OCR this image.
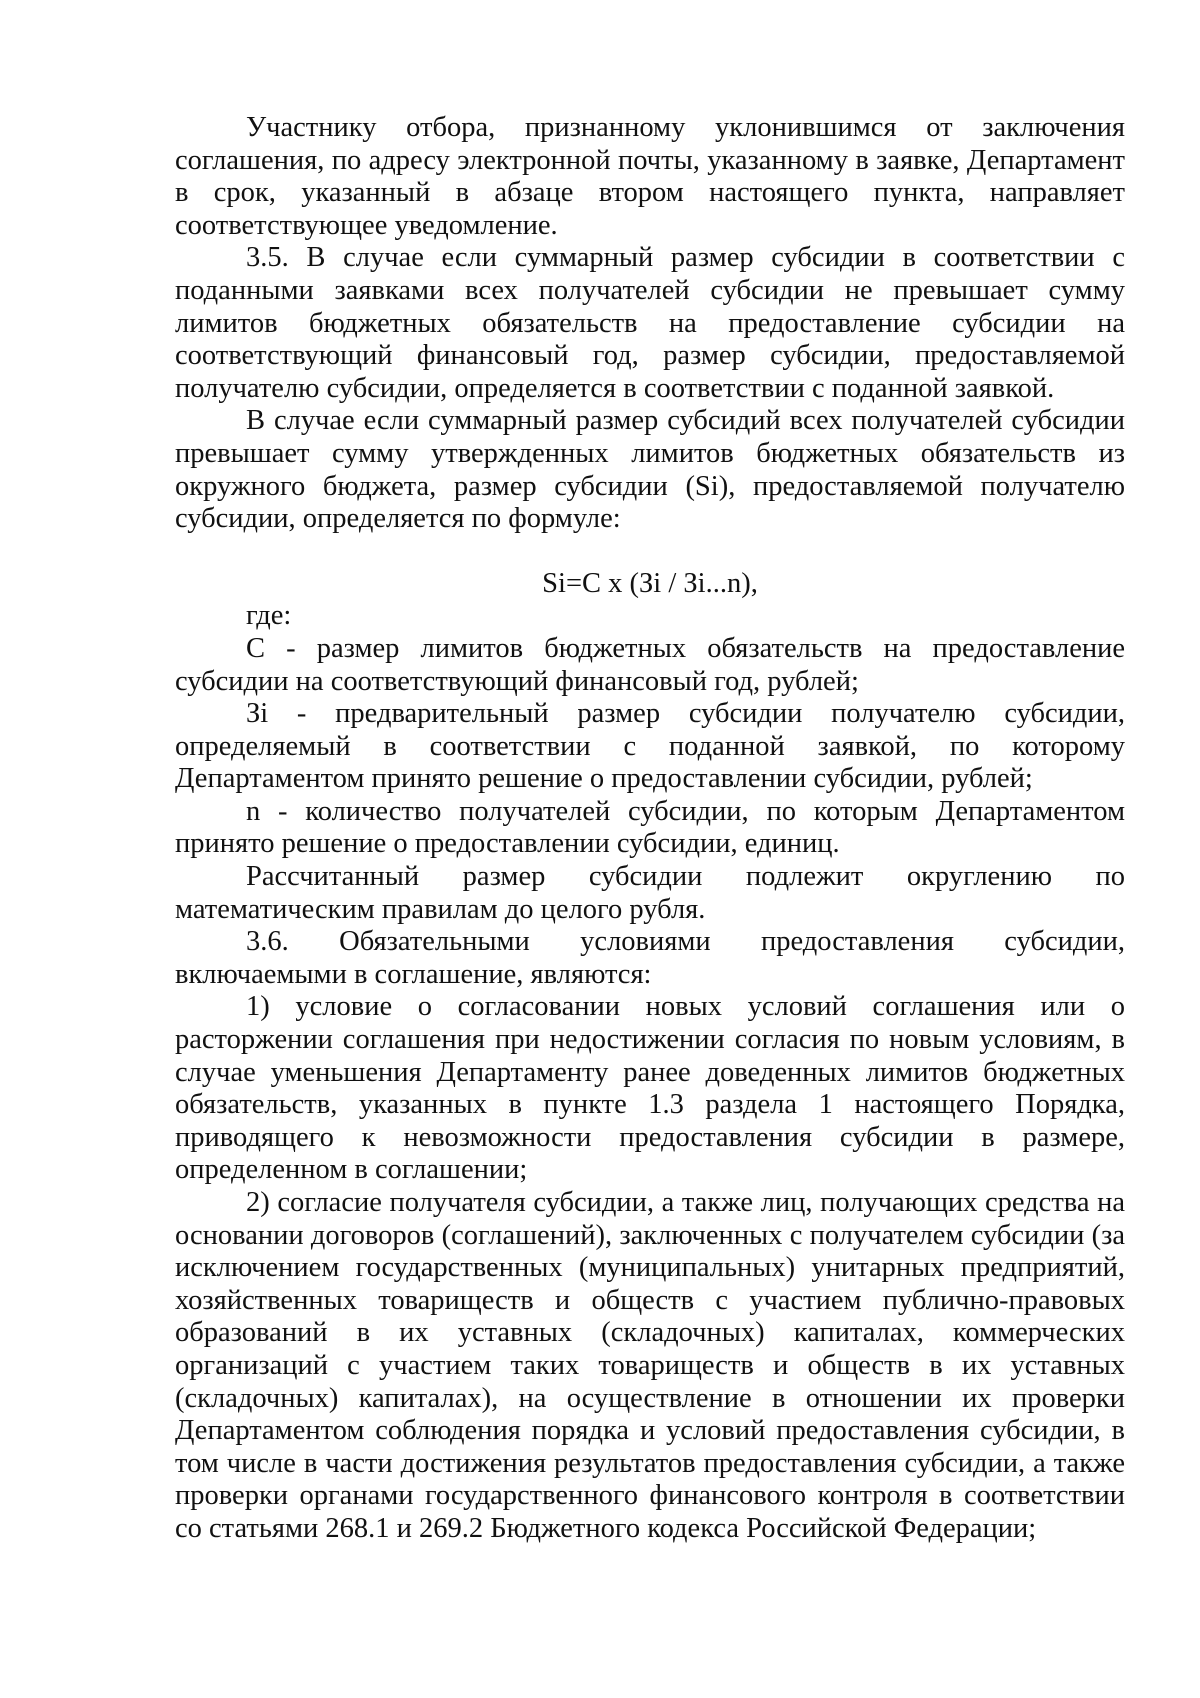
Участнику отбора, признанному уклонившимся от заключения соглашения, по адресу электронной почты, указанному в заявке, Департамент в срок, указанный в абзаце втором настоящего пункта, направляет соответствующее уведомление.

3.5. В случае если суммарный размер субсидии в соответствии с поданными заявками всех получателей субсидии не превышает сумму лимитов бюджетных обязательств на предоставление субсидии на соответствующий финансовый год, размер субсидии, предоставляемой получателю субсидии, определяется в соответствии с поданной заявкой.

В случае если суммарный размер субсидий всех получателей субсидии превышает сумму утвержденных лимитов бюджетных обязательств из окружного бюджета, размер субсидии (Si), предоставляемой получателю субсидии, определяется по формуле:

Si=C x (Зi / Зi...n),

где:

C - размер лимитов бюджетных обязательств на предоставление субсидии на соответствующий финансовый год, рублей;

Зi - предварительный размер субсидии получателю субсидии, определяемый в соответствии с поданной заявкой, по которому Департаментом принято решение о предоставлении субсидии, рублей;

n - количество получателей субсидии, по которым Департаментом принято решение о предоставлении субсидии, единиц.

Рассчитанный размер субсидии подлежит округлению по математическим правилам до целого рубля.

3.6. Обязательными условиями предоставления субсидии, включаемыми в соглашение, являются:

1) условие о согласовании новых условий соглашения или о расторжении соглашения при недостижении согласия по новым условиям, в случае уменьшения Департаменту ранее доведенных лимитов бюджетных обязательств, указанных в пункте 1.3 раздела 1 настоящего Порядка, приводящего к невозможности предоставления субсидии в размере, определенном в соглашении;

2) согласие получателя субсидии, а также лиц, получающих средства на основании договоров (соглашений), заключенных с получателем субсидии (за исключением государственных (муниципальных) унитарных предприятий, хозяйственных товариществ и обществ с участием публично-правовых образований в их уставных (складочных) капиталах, коммерческих организаций с участием таких товариществ и обществ в их уставных (складочных) капиталах), на осуществление в отношении их проверки Департаментом соблюдения порядка и условий предоставления субсидии, в том числе в части достижения результатов предоставления субсидии, а также проверки органами государственного финансового контроля в соответствии со статьями 268.1 и 269.2 Бюджетного кодекса Российской Федерации;
